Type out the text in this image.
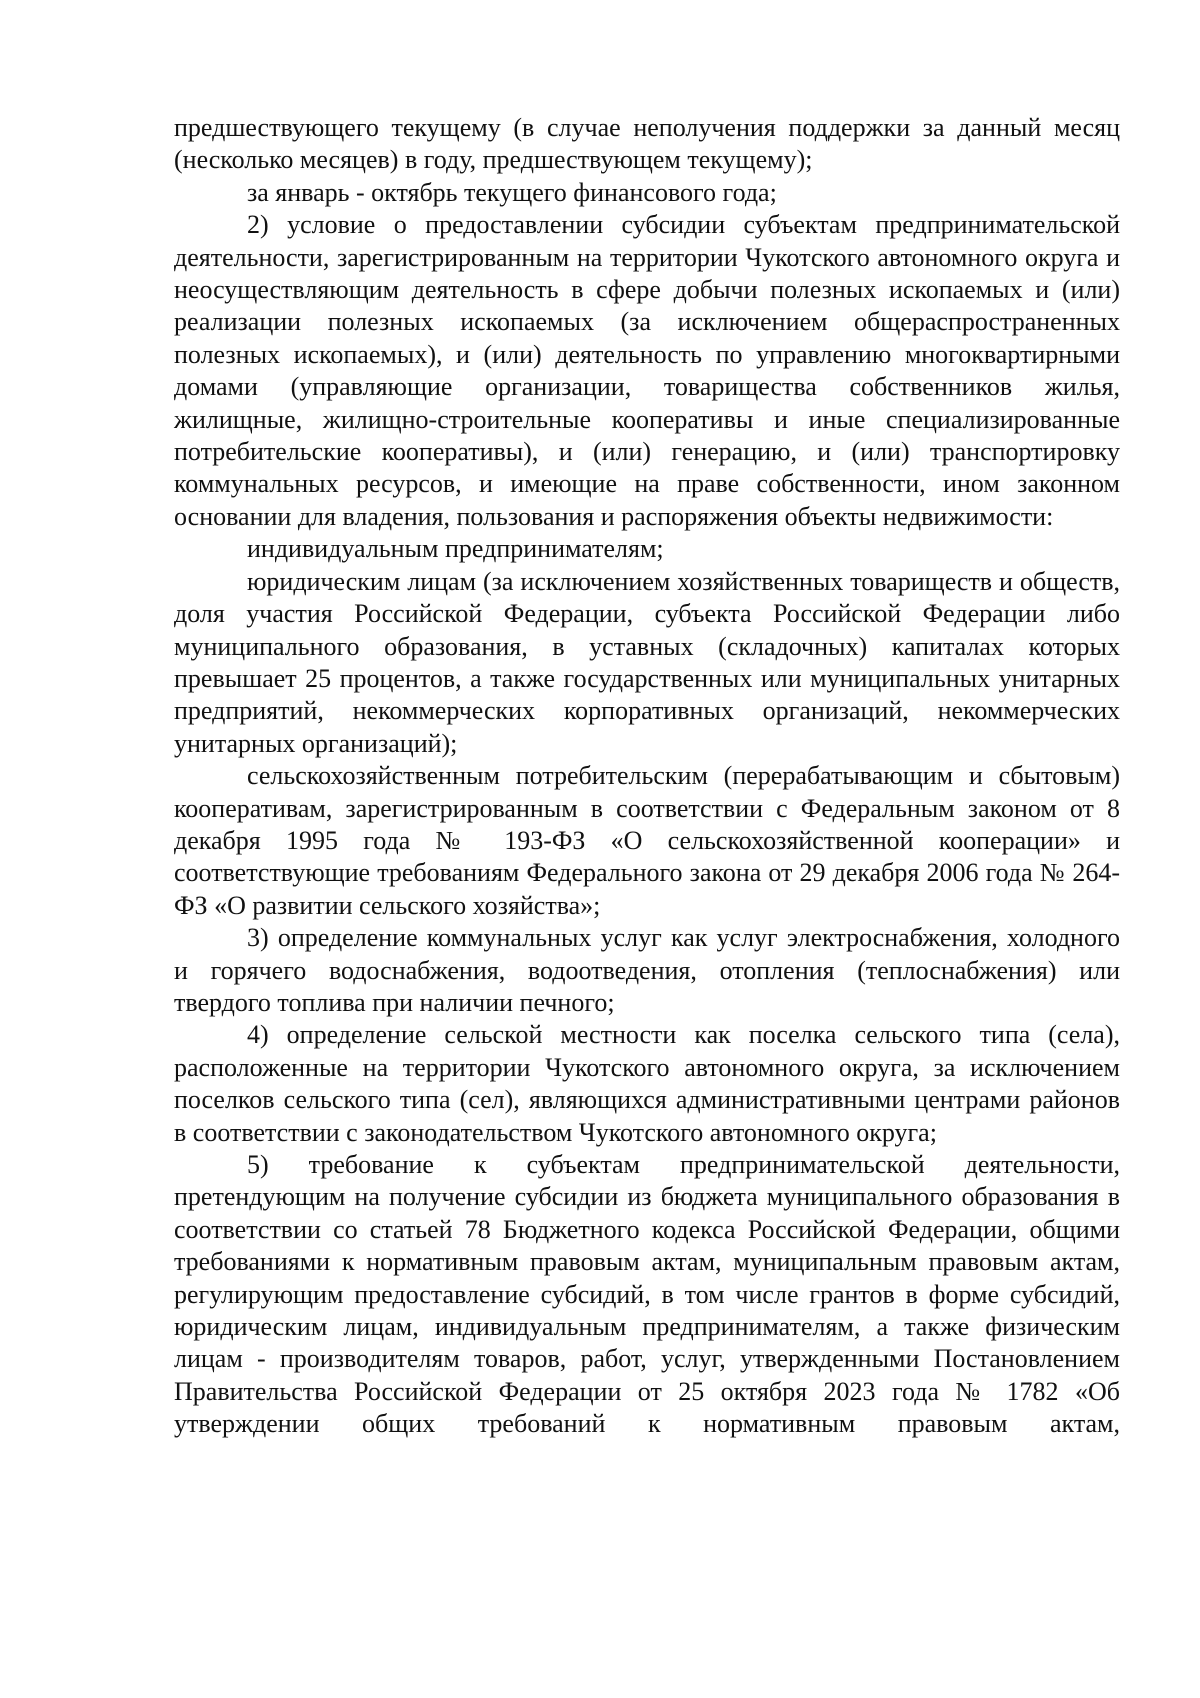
предшествующего текущему (в случае неполучения поддержки за данный месяц (несколько месяцев) в году, предшествующем текущему);

за январь - октябрь текущего финансового года;

2) условие о предоставлении субсидии субъектам предпринимательской деятельности, зарегистрированным на территории Чукотского автономного округа и неосуществляющим деятельность в сфере добычи полезных ископаемых и (или) реализации полезных ископаемых (за исключением общераспространенных полезных ископаемых), и (или) деятельность по управлению многоквартирными домами (управляющие организации, товарищества собственников жилья, жилищные, жилищно-строительные кооперативы и иные специализированные потребительские кооперативы), и (или) генерацию, и (или) транспортировку коммунальных ресурсов, и имеющие на праве собственности, ином законном основании для владения, пользования и распоряжения объекты недвижимости:

индивидуальным предпринимателям;

юридическим лицам (за исключением хозяйственных товариществ и обществ, доля участия Российской Федерации, субъекта Российской Федерации либо муниципального образования, в уставных (складочных) капиталах которых превышает 25 процентов, а также государственных или муниципальных унитарных предприятий, некоммерческих корпоративных организаций, некоммерческих унитарных организаций);

сельскохозяйственным потребительским (перерабатывающим и сбытовым) кооперативам, зарегистрированным в соответствии с Федеральным законом от 8 декабря 1995 года № 193-ФЗ «О сельскохозяйственной кооперации» и соответствующие требованиям Федерального закона от 29 декабря 2006 года № 264-ФЗ «О развитии сельского хозяйства»;

3) определение коммунальных услуг как услуг электроснабжения, холодного и горячего водоснабжения, водоотведения, отопления (теплоснабжения) или твердого топлива при наличии печного;

4) определение сельской местности как поселка сельского типа (села), расположенные на территории Чукотского автономного округа, за исключением поселков сельского типа (сел), являющихся административными центрами районов в соответствии с законодательством Чукотского автономного округа;

5) требование к субъектам предпринимательской деятельности, претендующим на получение субсидии из бюджета муниципального образования в соответствии со статьей 78 Бюджетного кодекса Российской Федерации, общими требованиями к нормативным правовым актам, муниципальным правовым актам, регулирующим предоставление субсидий, в том числе грантов в форме субсидий, юридическим лицам, индивидуальным предпринимателям, а также физическим лицам - производителям товаров, работ, услуг, утвержденными Постановлением Правительства Российской Федерации от 25 октября 2023 года № 1782 «Об утверждении общих требований к нормативным правовым актам,
